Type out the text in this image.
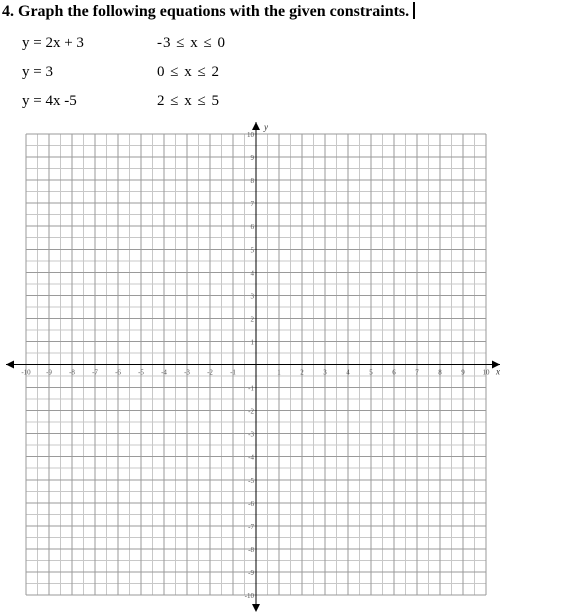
4. Graph the following equations with the given constraints.
y = 2x + 3	-3 ≤ x ≤ 0
y = 3	0 ≤ x ≤ 2
y = 4x -5	2 ≤ x ≤ 5
-10 -9 -8 -7 -6 -5 -4 -3 -2 -1	1	2	3	4	5	6	7	8	9	10
10
9
8
7
6
5
4
3
2
1
-1
-2
-3
-4
-5
-6
-7
-8
-9
-10
x
y
